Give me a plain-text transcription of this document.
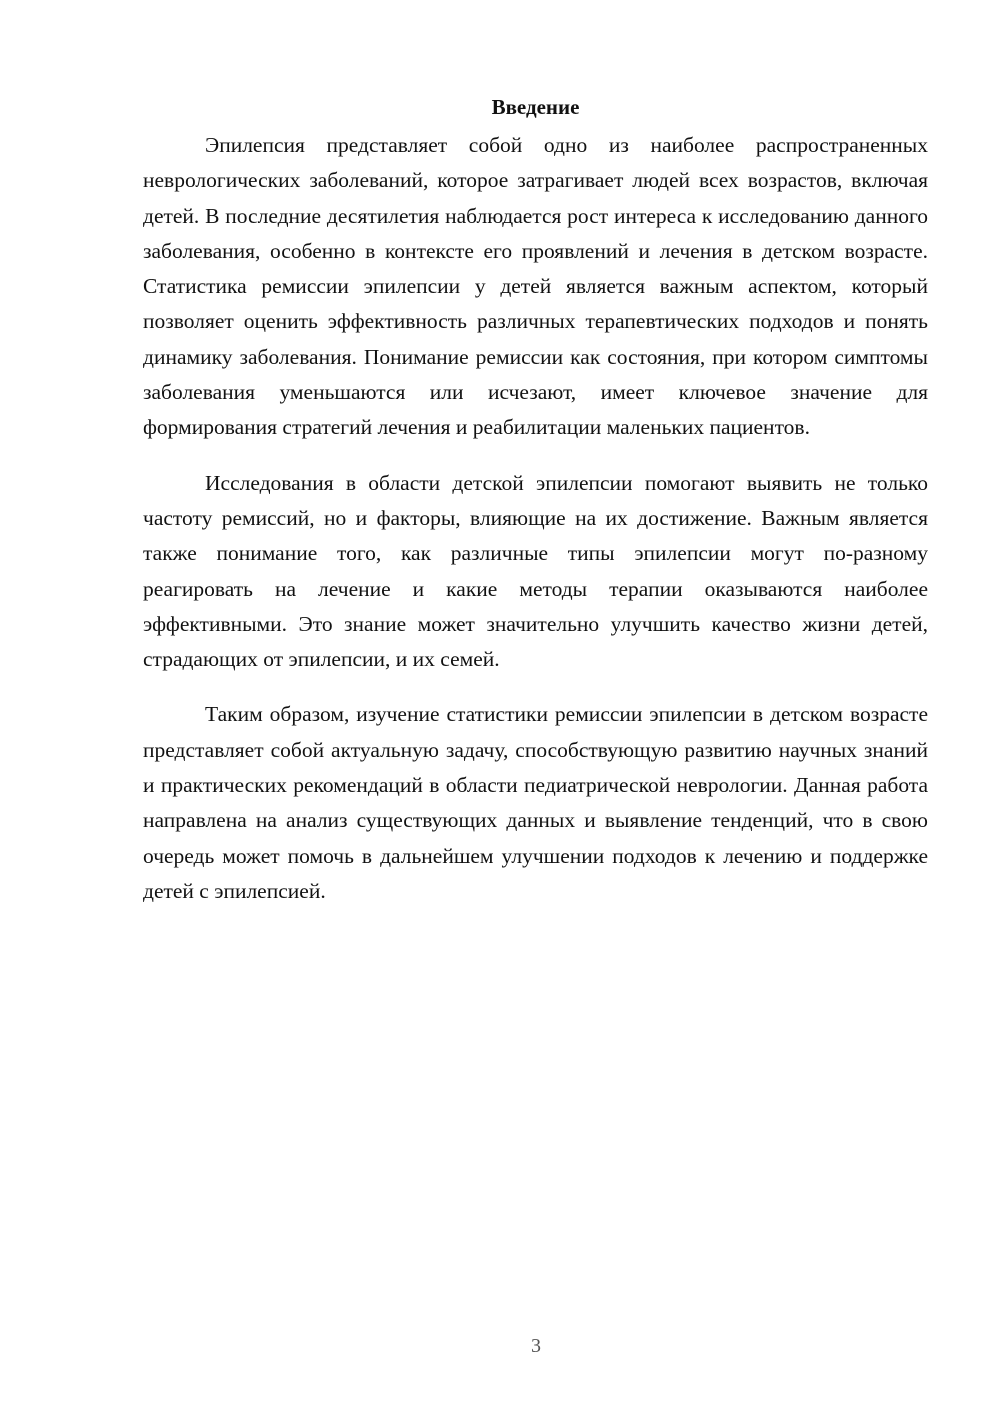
Введение

Эпилепсия представляет собой одно из наиболее распространенных неврологических заболеваний, которое затрагивает людей всех возрастов, включая детей. В последние десятилетия наблюдается рост интереса к исследованию данного заболевания, особенно в контексте его проявлений и лечения в детском возрасте. Статистика ремиссии эпилепсии у детей является важным аспектом, который позволяет оценить эффективность различных терапевтических подходов и понять динамику заболевания. Понимание ремиссии как состояния, при котором симптомы заболевания уменьшаются или исчезают, имеет ключевое значение для формирования стратегий лечения и реабилитации маленьких пациентов.

Исследования в области детской эпилепсии помогают выявить не только частоту ремиссий, но и факторы, влияющие на их достижение. Важным является также понимание того, как различные типы эпилепсии могут по-разному реагировать на лечение и какие методы терапии оказываются наиболее эффективными. Это знание может значительно улучшить качество жизни детей, страдающих от эпилепсии, и их семей.

Таким образом, изучение статистики ремиссии эпилепсии в детском возрасте представляет собой актуальную задачу, способствующую развитию научных знаний и практических рекомендаций в области педиатрической неврологии. Данная работа направлена на анализ существующих данных и выявление тенденций, что в свою очередь может помочь в дальнейшем улучшении подходов к лечению и поддержке детей с эпилепсией.

3
